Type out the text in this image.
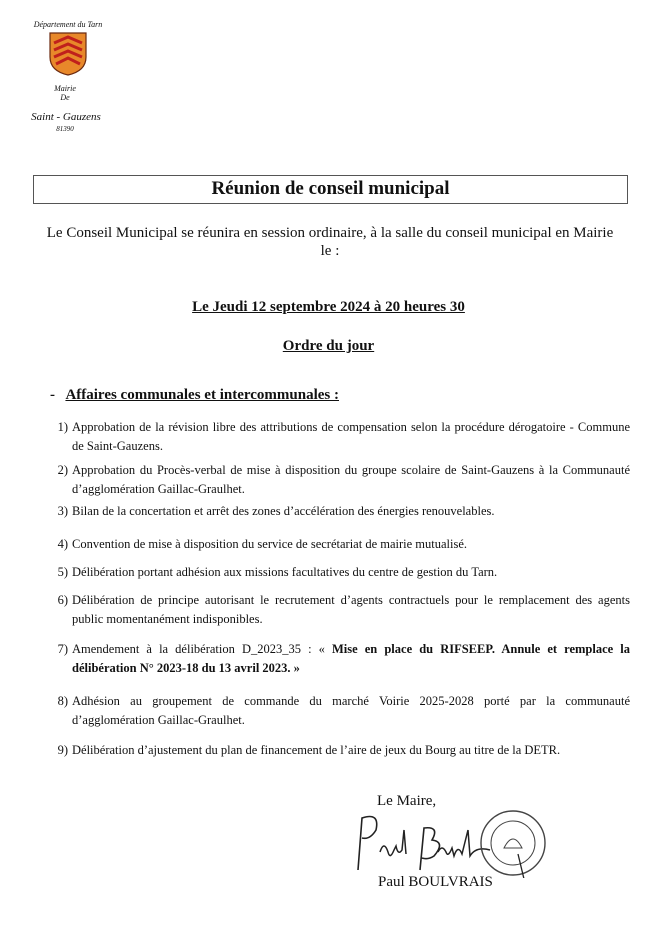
Département du Tarn
Mairie
De
Saint - Gauzens
81390
Réunion de conseil municipal
Le Conseil Municipal se réunira en session ordinaire, à la salle du conseil municipal en Mairie le :
Le Jeudi 12 septembre 2024 à 20 heures 30
Ordre du jour
- Affaires communales et intercommunales :
1) Approbation de la révision libre des attributions de compensation selon la procédure dérogatoire - Commune de Saint-Gauzens.
2) Approbation du Procès-verbal de mise à disposition du groupe scolaire de Saint-Gauzens à la Communauté d’agglomération Gaillac-Graulhet.
3) Bilan de la concertation et arrêt des zones d’accélération des énergies renouvelables.
4) Convention de mise à disposition du service de secrétariat de mairie mutualisé.
5) Délibération portant adhésion aux missions facultatives du centre de gestion du Tarn.
6) Délibération de principe autorisant le recrutement d’agents contractuels pour le remplacement des agents public momentanément indisponibles.
7) Amendement à la délibération D_2023_35 : « Mise en place du RIFSEEP. Annule et remplace la délibération N° 2023-18 du 13 avril 2023. »
8) Adhésion au groupement de commande du marché Voirie 2025-2028 porté par la communauté d’agglomération Gaillac-Graulhet.
9) Délibération d’ajustement du plan de financement de l’aire de jeux du Bourg au titre de la DETR.
Le Maire,
Paul BOULVRAIS
